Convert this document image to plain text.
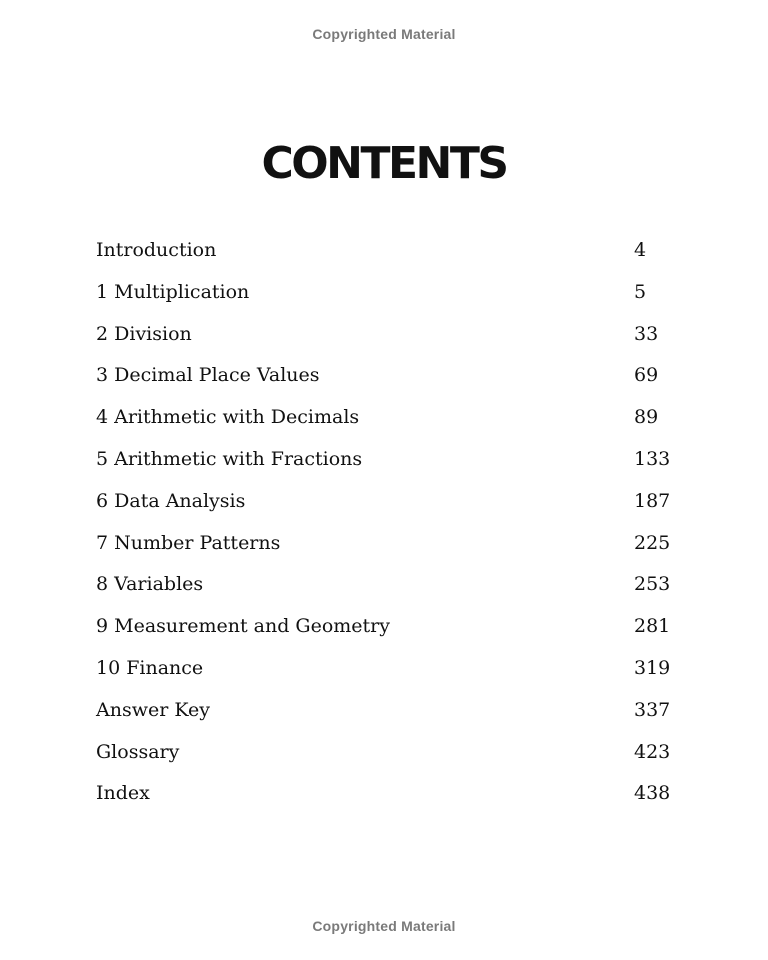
Copyrighted Material
CONTENTS
Introduction	4
1 Multiplication	5
2 Division	33
3 Decimal Place Values	69
4 Arithmetic with Decimals	89
5 Arithmetic with Fractions	133
6 Data Analysis	187
7 Number Patterns	225
8 Variables	253
9 Measurement and Geometry	281
10 Finance	319
Answer Key	337
Glossary	423
Index	438
Copyrighted Material
